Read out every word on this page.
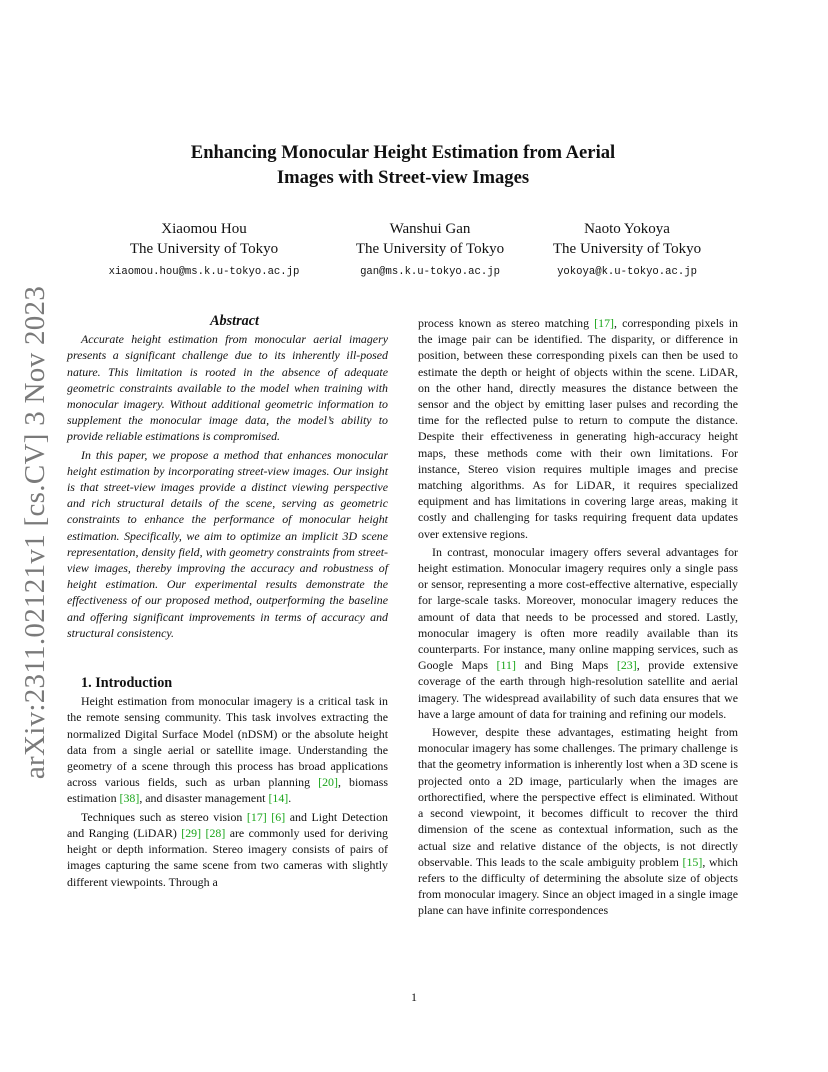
arXiv:2311.02121v1 [cs.CV] 3 Nov 2023
Enhancing Monocular Height Estimation from Aerial
Images with Street-view Images
Xiaomou Hou
The University of Tokyo
xiaomou.hou@ms.k.u-tokyo.ac.jp
Wanshui Gan
The University of Tokyo
gan@ms.k.u-tokyo.ac.jp
Naoto Yokoya
The University of Tokyo
yokoya@k.u-tokyo.ac.jp

Abstract

Accurate height estimation from monocular aerial imagery presents a significant challenge due to its inherently ill-posed nature. This limitation is rooted in the absence of adequate geometric constraints available to the model when training with monocular imagery. Without additional geometric information to supplement the monocular image data, the model’s ability to provide reliable estimations is compromised.

In this paper, we propose a method that enhances monocular height estimation by incorporating street-view images. Our insight is that street-view images provide a distinct viewing perspective and rich structural details of the scene, serving as geometric constraints to enhance the performance of monocular height estimation. Specifically, we aim to optimize an implicit 3D scene representation, density field, with geometry constraints from street-view images, thereby improving the accuracy and robustness of height estimation. Our experimental results demonstrate the effectiveness of our proposed method, outperforming the baseline and offering significant improvements in terms of accuracy and structural consistency.

1. Introduction

Height estimation from monocular imagery is a critical task in the remote sensing community. This task involves extracting the normalized Digital Surface Model (nDSM) or the absolute height data from a single aerial or satellite image. Understanding the geometry of a scene through this process has broad applications across various fields, such as urban planning [20], biomass estimation [38], and disaster management [14].

Techniques such as stereo vision [17] [6] and Light Detection and Ranging (LiDAR) [29] [28] are commonly used for deriving height or depth information. Stereo imagery consists of pairs of images capturing the same scene from two cameras with slightly different viewpoints. Through a

process known as stereo matching [17], corresponding pixels in the image pair can be identified. The disparity, or difference in position, between these corresponding pixels can then be used to estimate the depth or height of objects within the scene. LiDAR, on the other hand, directly measures the distance between the sensor and the object by emitting laser pulses and recording the time for the reflected pulse to return to compute the distance. Despite their effectiveness in generating high-accuracy height maps, these methods come with their own limitations. For instance, Stereo vision requires multiple images and precise matching algorithms. As for LiDAR, it requires specialized equipment and has limitations in covering large areas, making it costly and challenging for tasks requiring frequent data updates over extensive regions.

In contrast, monocular imagery offers several advantages for height estimation. Monocular imagery requires only a single pass or sensor, representing a more cost-effective alternative, especially for large-scale tasks. Moreover, monocular imagery reduces the amount of data that needs to be processed and stored. Lastly, monocular imagery is often more readily available than its counterparts. For instance, many online mapping services, such as Google Maps [11] and Bing Maps [23], provide extensive coverage of the earth through high-resolution satellite and aerial imagery. The widespread availability of such data ensures that we have a large amount of data for training and refining our models.

However, despite these advantages, estimating height from monocular imagery has some challenges. The primary challenge is that the geometry information is inherently lost when a 3D scene is projected onto a 2D image, particularly when the images are orthorectified, where the perspective effect is eliminated. Without a second viewpoint, it becomes difficult to recover the third dimension of the scene as contextual information, such as the actual size and relative distance of the objects, is not directly observable. This leads to the scale ambiguity problem [15], which refers to the difficulty of determining the absolute size of objects from monocular imagery. Since an object imaged in a single image plane can have infinite correspondences

1
